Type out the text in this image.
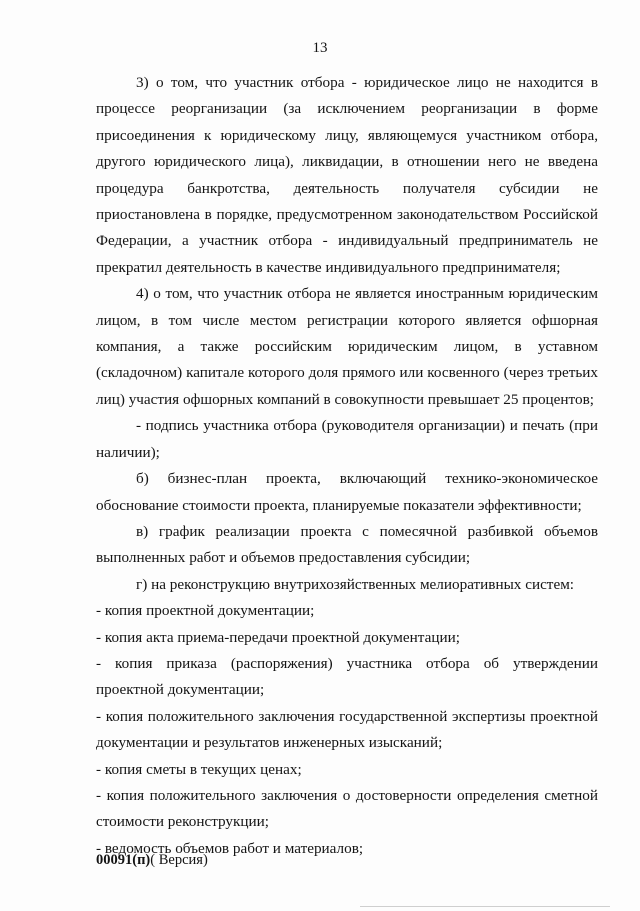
13

3) о том, что участник отбора - юридическое лицо не находится в процессе реорганизации (за исключением реорганизации в форме присоединения к юридическому лицу, являющемуся участником отбора, другого юридического лица), ликвидации, в отношении него не введена процедура банкротства, деятельность получателя субсидии не приостановлена в порядке, предусмотренном законодательством Российской Федерации, а участник отбора - индивидуальный предприниматель не прекратил деятельность в качестве индивидуального предпринимателя;

4) о том, что участник отбора не является иностранным юридическим лицом, в том числе местом регистрации которого является офшорная компания, а также российским юридическим лицом, в уставном (складочном) капитале которого доля прямого или косвенного (через третьих лиц) участия офшорных компаний в совокупности превышает 25 процентов;

- подпись участника отбора (руководителя организации) и печать (при наличии);

б) бизнес-план проекта, включающий технико-экономическое обоснование стоимости проекта, планируемые показатели эффективности;

в) график реализации проекта с помесячной разбивкой объемов выполненных работ и объемов предоставления субсидии;

г) на реконструкцию внутрихозяйственных мелиоративных систем:

- копия проектной документации;

- копия акта приема-передачи проектной документации;

- копия приказа (распоряжения) участника отбора об утверждении проектной документации;

- копия положительного заключения государственной экспертизы проектной документации и результатов инженерных изысканий;

- копия сметы в текущих ценах;

- копия положительного заключения о достоверности определения сметной стоимости реконструкции;

- ведомость объемов работ и материалов;

00091(п)( Версия)
